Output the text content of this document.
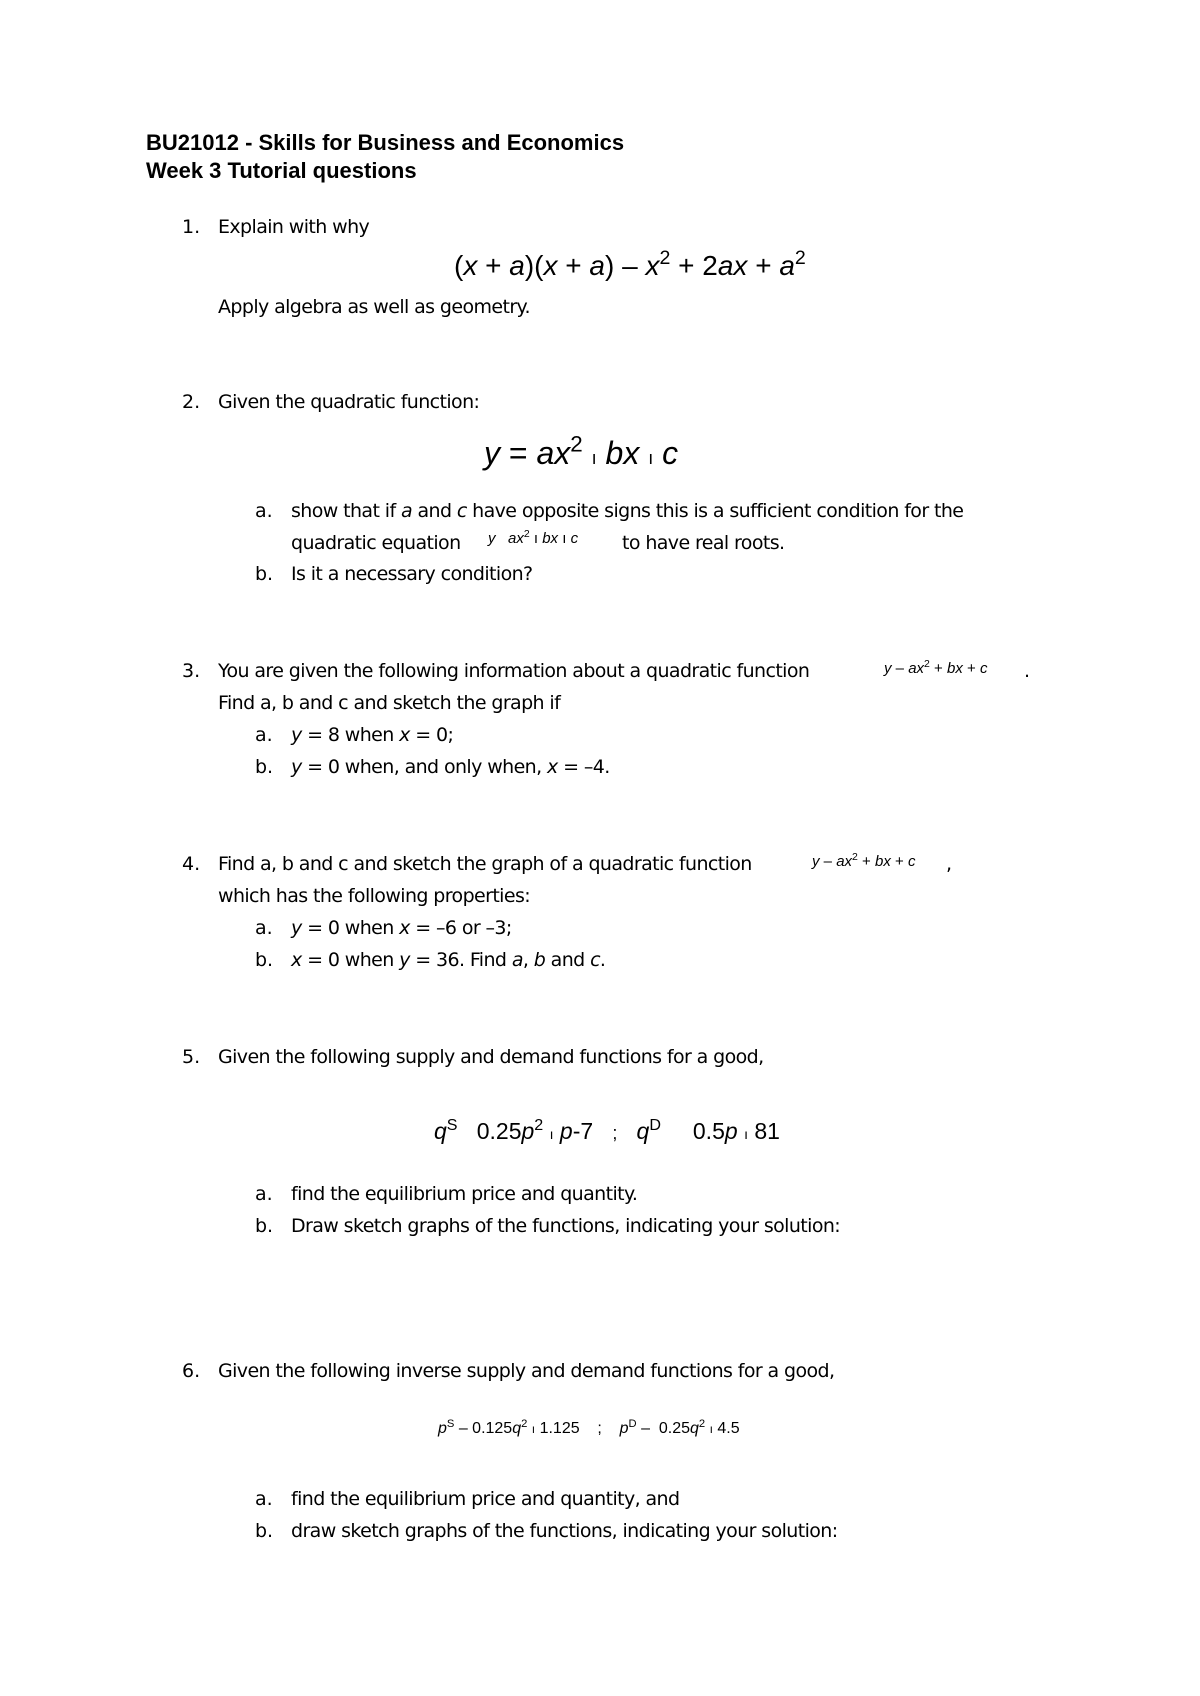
BU21012 - Skills for Business and Economics
Week 3 Tutorial questions
1. Explain with why
$(x + a)(x + a) - x^2 + 2ax + a^2$
Apply algebra as well as geometry.
2. Given the quadratic function:
$y = ax^2$ ı bx ı c
a. show that if a and c have opposite signs this is a sufficient condition for the
quadratic equation y $ax^2$ ı bx ı c to have real roots.
b. Is it a necessary condition?
3. You are given the following information about a quadratic function	y – $ax^2$ + bx + c .
Find a, b and c and sketch the graph if
a. y = 8 when x = 0;
b. y = 0 when, and only when, x = –4.
4. Find a, b and c and sketch the graph of a quadratic function	y – $ax^2$ + bx + c ,
which has the following properties:
a. y = 0 when x = –6 or –3;
b. x = 0 when y = 36. Find a, b and c.
5. Given the following supply and demand functions for a good,
$q^S$   $0.25p^2$ ı p-7   ; $q^D$     0.5p ı 81
a. find the equilibrium price and quantity.
b. Draw sketch graphs of the functions, indicating your solution:
6. Given the following inverse supply and demand functions for a good,
$p^S - 0.125q^2$ ı 1.125    ; $p^D - 0.25q^2$ ı 4.5
a. find the equilibrium price and quantity, and
b. draw sketch graphs of the functions, indicating your solution:
